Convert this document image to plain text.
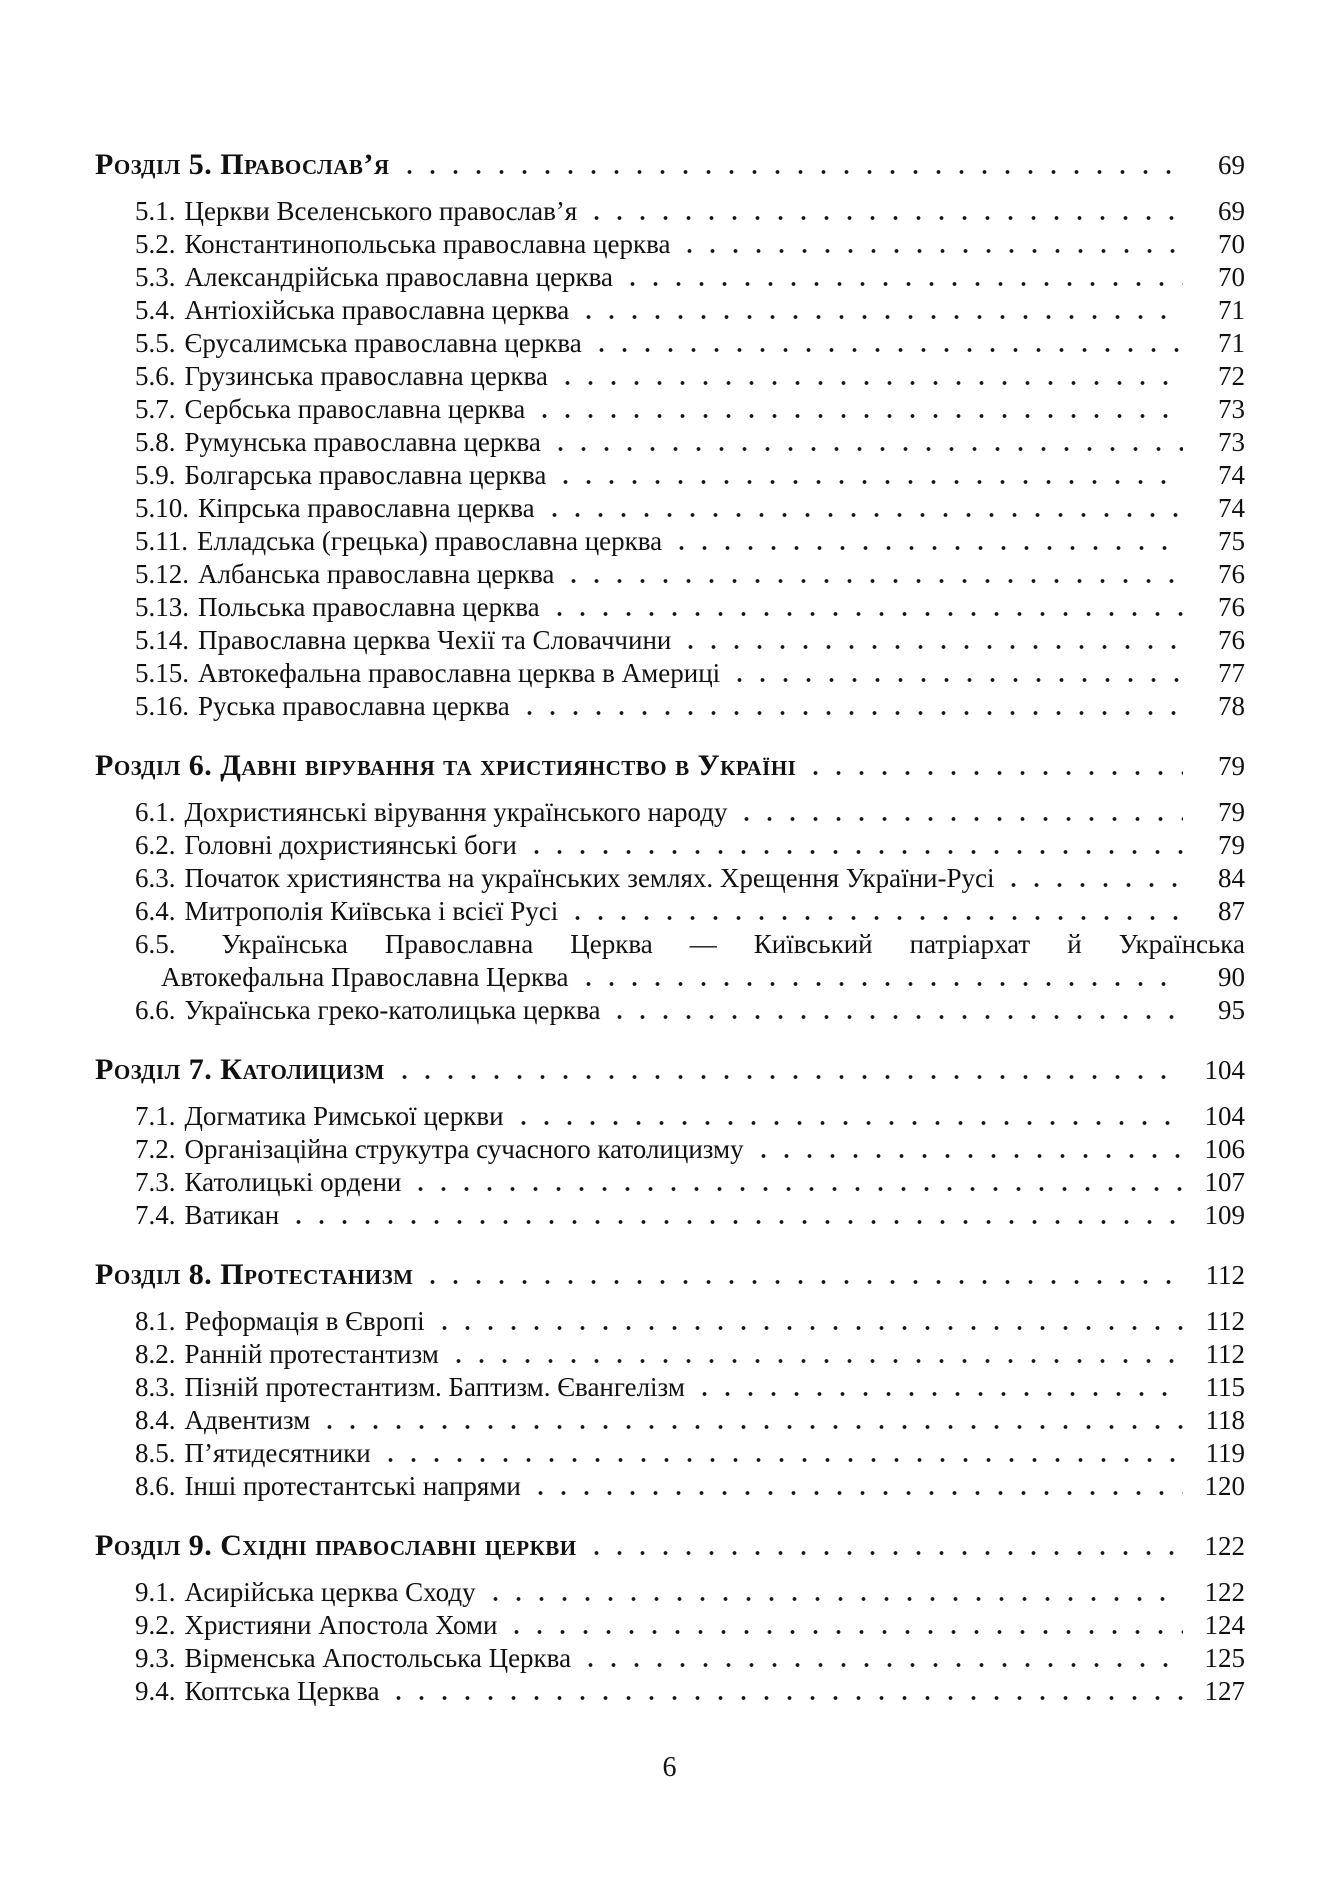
Розділ 5. Православ’я	69
5.1. Церкви Вселенського православ’я	69
5.2. Константинопольська православна церква	70
5.3. Александрійська православна церква	70
5.4. Антіохійська православна церква	71
5.5. Єрусалимська православна церква	71
5.6. Грузинська православна церква	72
5.7. Сербська православна церква	73
5.8. Румунська православна церква	73
5.9. Болгарська православна церква	74
5.10. Кіпрська православна церква	74
5.11. Елладська (грецька) православна церква	75
5.12. Албанська православна церква	76
5.13. Польська православна церква	76
5.14. Православна церква Чехії та Словаччини	76
5.15. Автокефальна православна церква в Америці	77
5.16. Руська православна церква	78
Розділ 6. Давні вірування та християнство в Україні	79
6.1. Дохристиянські вірування українського народу	79
6.2. Головні дохристиянські боги	79
6.3. Початок християнства на українських землях. Хрещення України-Русі	84
6.4. Митрополія Київська і всієї Русі	87
6.5. Українська Православна Церква — Київський патріархат й Українська
Автокефальна Православна Церква	90
6.6. Українська греко-католицька церква	95
Розділ 7. Католицизм	104
7.1. Догматика Римської церкви	104
7.2. Організаційна струкутра сучасного католицизму	106
7.3. Католицькі ордени	107
7.4. Ватикан	109
Розділ 8. Протестанизм	112
8.1. Реформація в Європі	112
8.2. Ранній протестантизм	112
8.3. Пізній протестантизм. Баптизм. Євангелізм	115
8.4. Адвентизм	118
8.5. П’ятидесятники	119
8.6. Інші протестантські напрями	120
Розділ 9. Східні православні церкви	122
9.1. Асирійська церква Сходу	122
9.2. Християни Апостола Хоми	124
9.3. Вірменська Апостольська Церква	125
9.4. Коптська Церква	127
6
